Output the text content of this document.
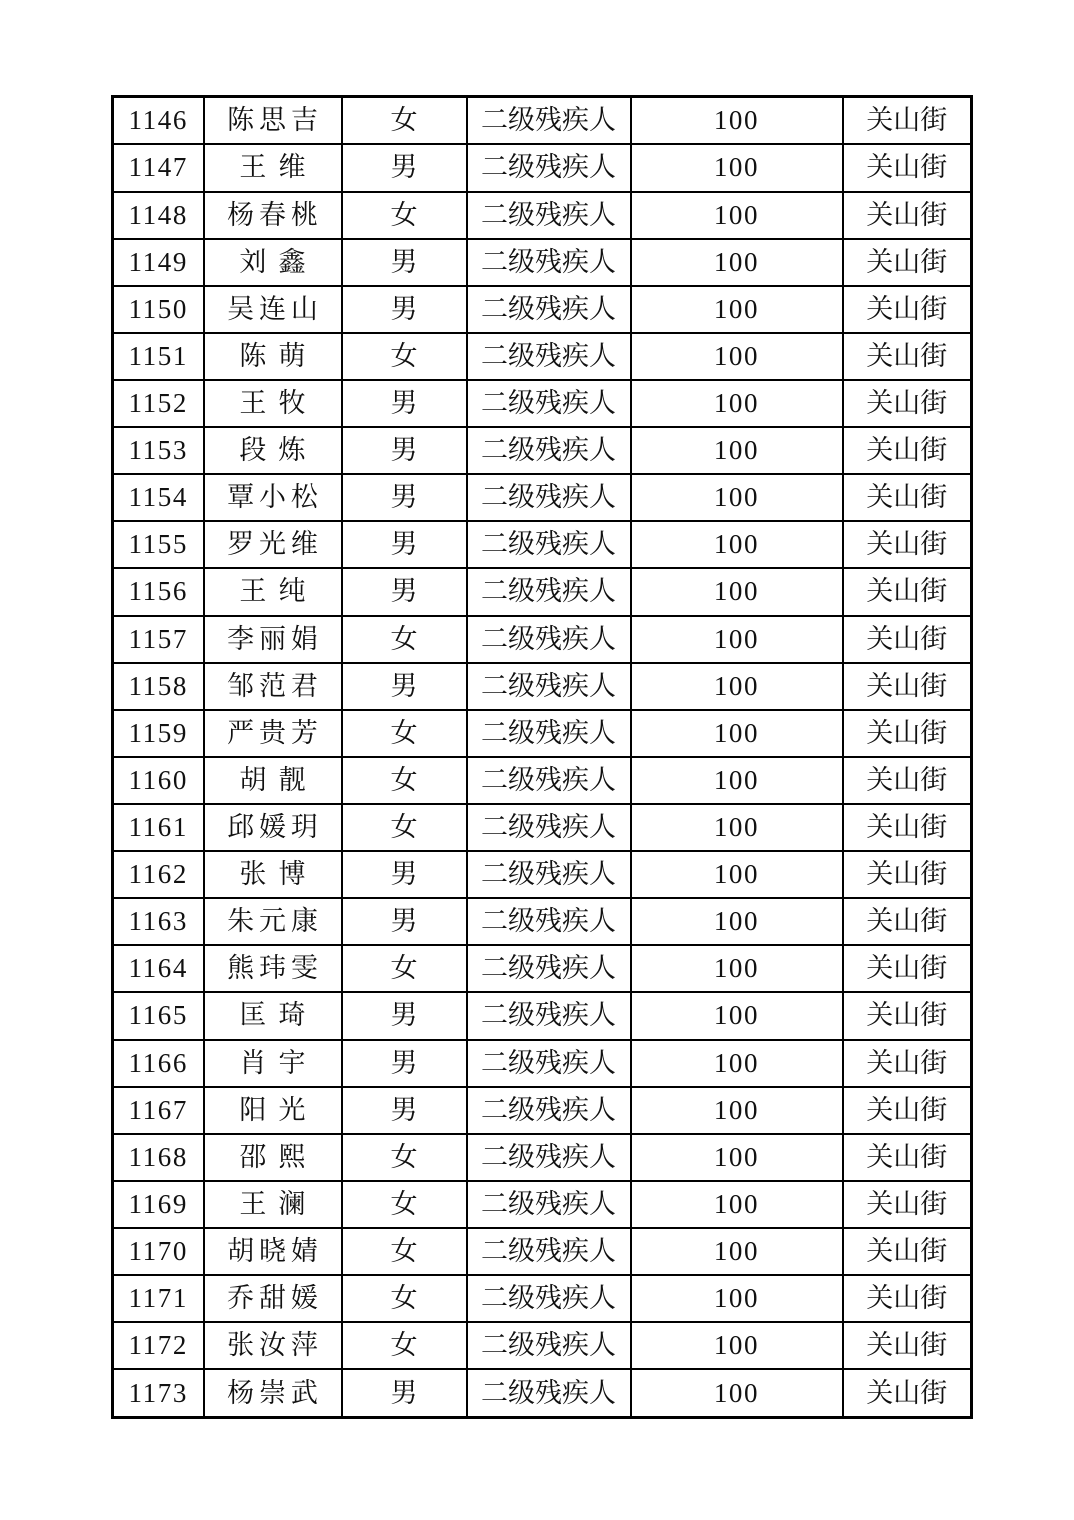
1146	陈思吉	女	二级残疾人	100	关山街
1147	王维	男	二级残疾人	100	关山街
1148	杨春桃	女	二级残疾人	100	关山街
1149	刘鑫	男	二级残疾人	100	关山街
1150	吴连山	男	二级残疾人	100	关山街
1151	陈萌	女	二级残疾人	100	关山街
1152	王牧	男	二级残疾人	100	关山街
1153	段炼	男	二级残疾人	100	关山街
1154	覃小松	男	二级残疾人	100	关山街
1155	罗光维	男	二级残疾人	100	关山街
1156	王纯	男	二级残疾人	100	关山街
1157	李丽娟	女	二级残疾人	100	关山街
1158	邹范君	男	二级残疾人	100	关山街
1159	严贵芳	女	二级残疾人	100	关山街
1160	胡靓	女	二级残疾人	100	关山街
1161	邱媛玥	女	二级残疾人	100	关山街
1162	张博	男	二级残疾人	100	关山街
1163	朱元康	男	二级残疾人	100	关山街
1164	熊玮雯	女	二级残疾人	100	关山街
1165	匡琦	男	二级残疾人	100	关山街
1166	肖宇	男	二级残疾人	100	关山街
1167	阳光	男	二级残疾人	100	关山街
1168	邵熙	女	二级残疾人	100	关山街
1169	王澜	女	二级残疾人	100	关山街
1170	胡晓婧	女	二级残疾人	100	关山街
1171	乔甜媛	女	二级残疾人	100	关山街
1172	张汝萍	女	二级残疾人	100	关山街
1173	杨崇武	男	二级残疾人	100	关山街
